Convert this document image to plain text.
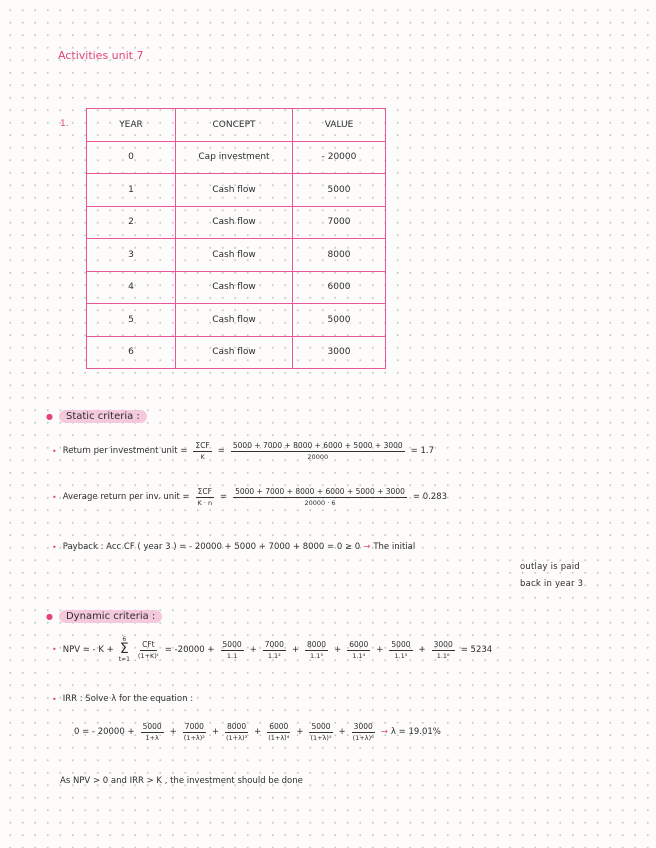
Activities unit 7
1.	YEAR	CONCEPT	VALUE
0	Cap investment	- 20000
1	Cash flow	5000
2	Cash flow	7000
3	Cash flow	8000
4	Cash flow	6000
5	Cash flow	5000
6	Cash flow	3000
●	Static criteria :
• Return per investment unit = $\frac{\text{ΣCF}}{K} = \frac{5000 + 7000 + 8000 + 6000 + 5000 + 3000}{20000} = 1.7$
• Average return per inv. unit = $\frac{\text{ΣCF}}{K \cdot n} = \frac{5000 + 7000 + 8000 + 6000 + 5000 + 3000}{20000 \cdot 6} = 0.283$
• Payback : Acc CF ( year 3 ) = - 20000 + 5000 + 7000 + 8000 = 0 ≥ 0 → The initial
outlay is paid
back in year 3
●	Dynamic criteria :
• NPV = - K +
6
Σ
$t=1 \frac{\text{CFt}}{\text{(1+K)ᵗ}} = -20000 + \frac{5000}{1.1} + \frac{7000}{\text{1.1²}} + \frac{8000}{\text{1.1³}} + \frac{6000}{\text{1.1⁴}} + \frac{5000}{\text{1.1⁵}} + \frac{3000}{\text{1.1⁶}} = 5234$
• IRR : Solve λ for the equation :
0 = - $20000 + \frac{5000}{1+\lambda} + \frac{7000}{\text{(1+λ)²}} + \frac{8000}{\text{(1+λ)³}} + \frac{6000}{\text{(1+λ)⁴}} + \frac{5000}{\text{(1+λ)⁵}} + \frac{3000}{\text{(1+λ)⁶}} \to \lambda = 19.01\%$
As NPV > 0 and IRR > K , the investment should be done
